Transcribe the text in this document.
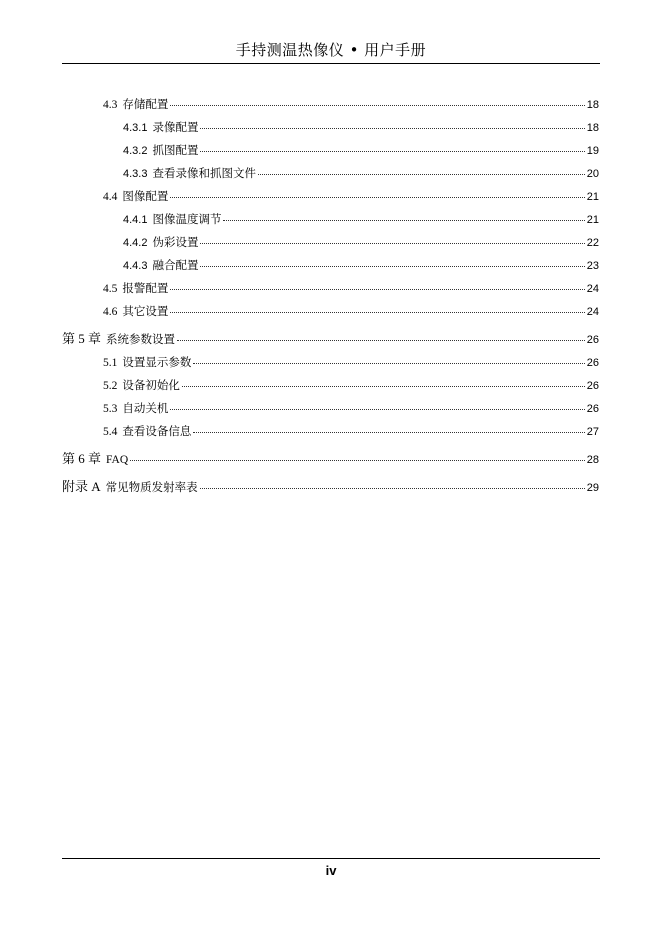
手持测温热像仪 • 用户手册
4.3 存储配置	18
4.3.1 录像配置	18
4.3.2 抓图配置	19
4.3.3 查看录像和抓图文件	20
4.4 图像配置	21
4.4.1 图像温度调节	21
4.4.2 伪彩设置	22
4.4.3 融合配置	23
4.5 报警配置	24
4.6 其它设置	24
第 5 章 系统参数设置	26
5.1 设置显示参数	26
5.2 设备初始化	26
5.3 自动关机	26
5.4 查看设备信息	27
第 6 章 FAQ	28
附录 A 常见物质发射率表	29
iv
